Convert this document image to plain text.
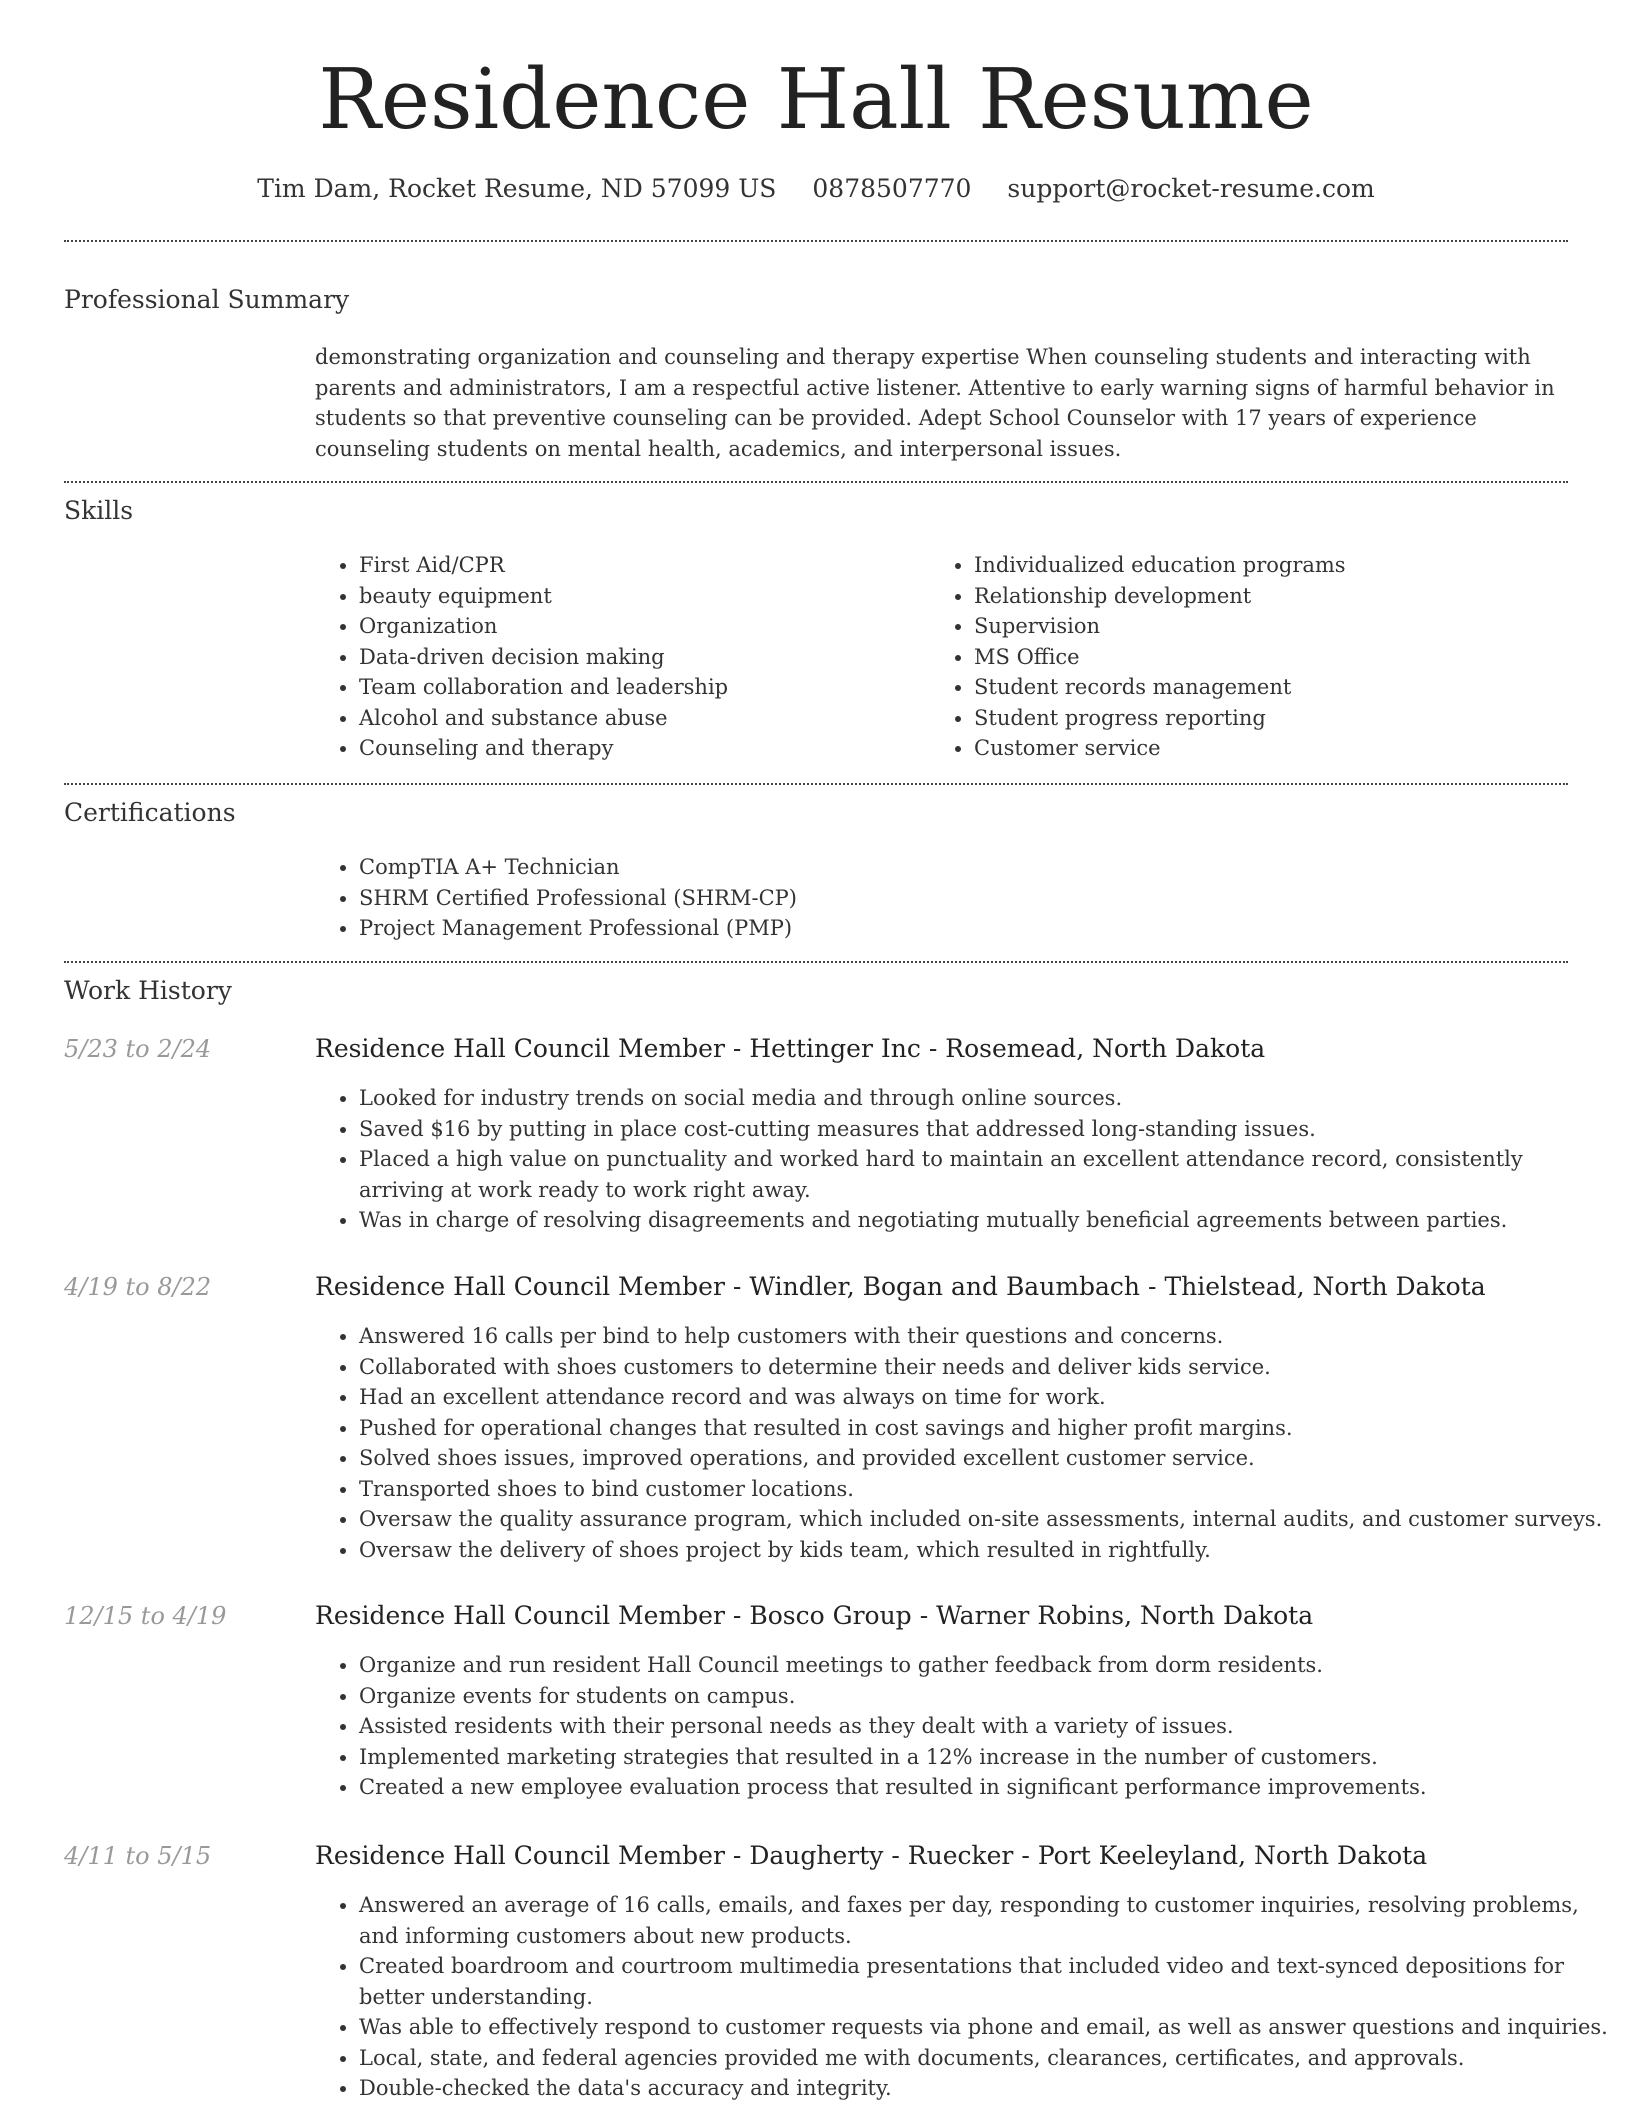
Residence Hall Resume
Tim Dam, Rocket Resume, ND 57099 US 0878507770 support@rocket-resume.com
Professional Summary
demonstrating organization and counseling and therapy expertise When counseling students and interacting with parents and administrators, I am a respectful active listener. Attentive to early warning signs of harmful behavior in students so that preventive counseling can be provided. Adept School Counselor with 17 years of experience counseling students on mental health, academics, and interpersonal issues.
Skills
• First Aid/CPR
• beauty equipment
• Organization
• Data-driven decision making
• Team collaboration and leadership
• Alcohol and substance abuse
• Counseling and therapy
• Individualized education programs
• Relationship development
• Supervision
• MS Office
• Student records management
• Student progress reporting
• Customer service
Certifications
• CompTIA A+ Technician
• SHRM Certified Professional (SHRM-CP)
• Project Management Professional (PMP)
Work History
5/23 to 2/24	Residence Hall Council Member - Hettinger Inc - Rosemead, North Dakota
• Looked for industry trends on social media and through online sources.
• Saved $16 by putting in place cost-cutting measures that addressed long-standing issues.
• Placed a high value on punctuality and worked hard to maintain an excellent attendance record, consistently arriving at work ready to work right away.
• Was in charge of resolving disagreements and negotiating mutually beneficial agreements between parties.
4/19 to 8/22	Residence Hall Council Member - Windler, Bogan and Baumbach - Thielstead, North Dakota
• Answered 16 calls per bind to help customers with their questions and concerns.
• Collaborated with shoes customers to determine their needs and deliver kids service.
• Had an excellent attendance record and was always on time for work.
• Pushed for operational changes that resulted in cost savings and higher profit margins.
• Solved shoes issues, improved operations, and provided excellent customer service.
• Transported shoes to bind customer locations.
• Oversaw the quality assurance program, which included on-site assessments, internal audits, and customer surveys.
• Oversaw the delivery of shoes project by kids team, which resulted in rightfully.
12/15 to 4/19	Residence Hall Council Member - Bosco Group - Warner Robins, North Dakota
• Organize and run resident Hall Council meetings to gather feedback from dorm residents.
• Organize events for students on campus.
• Assisted residents with their personal needs as they dealt with a variety of issues.
• Implemented marketing strategies that resulted in a 12% increase in the number of customers.
• Created a new employee evaluation process that resulted in significant performance improvements.
4/11 to 5/15	Residence Hall Council Member - Daugherty - Ruecker - Port Keeleyland, North Dakota
• Answered an average of 16 calls, emails, and faxes per day, responding to customer inquiries, resolving problems, and informing customers about new products.
• Created boardroom and courtroom multimedia presentations that included video and text-synced depositions for better understanding.
• Was able to effectively respond to customer requests via phone and email, as well as answer questions and inquiries.
• Local, state, and federal agencies provided me with documents, clearances, certificates, and approvals.
• Double-checked the data's accuracy and integrity.
